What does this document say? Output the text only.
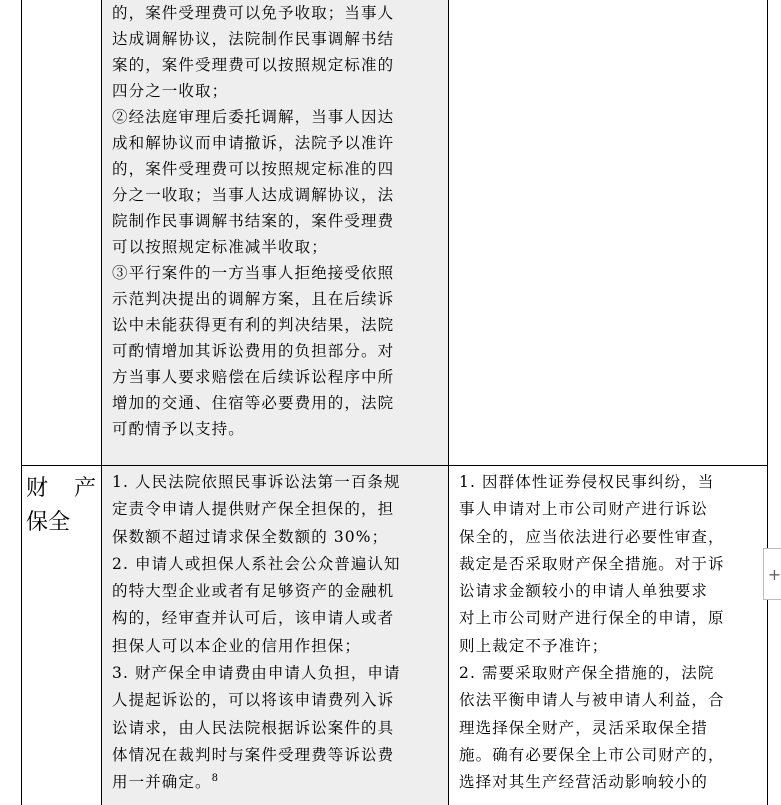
的，案件受理费可以免予收取；当事人

达成调解协议，法院制作民事调解书结

案的，案件受理费可以按照规定标准的

四分之一收取；

②经法庭审理后委托调解，当事人因达

成和解协议而申请撤诉，法院予以准许

的，案件受理费可以按照规定标准的四

分之一收取；当事人达成调解协议，法

院制作民事调解书结案的，案件受理费

可以按照规定标准减半收取；

③平行案件的一方当事人拒绝接受依照

示范判决提出的调解方案，且在后续诉

讼中未能获得更有利的判决结果，法院

可酌情增加其诉讼费用的负担部分。对

方当事人要求赔偿在后续诉讼程序中所

增加的交通、住宿等必要费用的，法院

可酌情予以支持。

财 产
保全

1. 人民法院依照民事诉讼法第一百条规

定责令申请人提供财产保全担保的，担

保数额不超过请求保全数额的 30%；

2. 申请人或担保人系社会公众普遍认知

的特大型企业或者有足够资产的金融机

构的，经审查并认可后，该申请人或者

担保人可以本企业的信用作担保；

3. 财产保全申请费由申请人负担，申请

人提起诉讼的，可以将该申请费列入诉

讼请求，由人民法院根据诉讼案件的具

体情况在裁判时与案件受理费等诉讼费

用一并确定。$^8$

1. 因群体性证券侵权民事纠纷，当

事人申请对上市公司财产进行诉讼

保全的，应当依法进行必要性审查，

裁定是否采取财产保全措施。对于诉

讼请求金额较小的申请人单独要求

对上市公司财产进行保全的申请，原

则上裁定不予准许；

2. 需要采取财产保全措施的，法院

依法平衡申请人与被申请人利益，合

理选择保全财产，灵活采取保全措

施。确有必要保全上市公司财产的，

选择对其生产经营活动影响较小的

+
